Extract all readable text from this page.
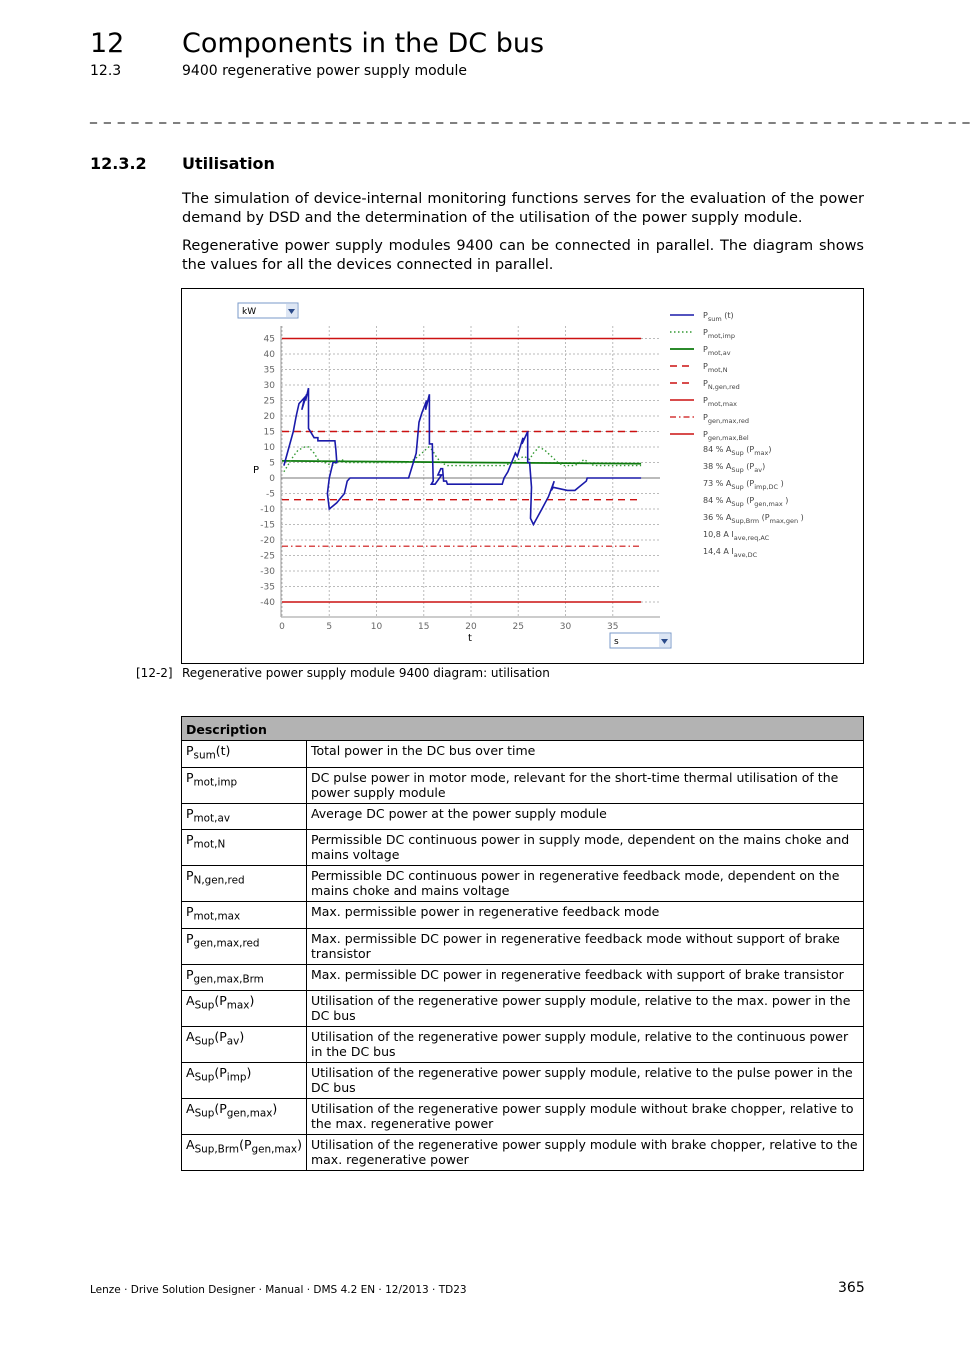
12 Components in the DC bus
12.3	9400 regenerative power supply module
_ _ _ _ _ _ _ _ _ _ _ _ _ _ _ _ _ _ _ _ _ _ _ _ _ _ _ _ _ _ _ _ _ _ _ _ _ _ _ _ _ _ _ _ _ _ _ _ _ _ _ _ _ _ _ _ _ _ _ _ _ _ _ _
12.3.2 Utilisation
The simulation of device-internal monitoring functions serves for the evaluation of the power demand by DSD and the determination of the utilisation of the power supply module.
Regenerative power supply modules 9400 can be connected in parallel. The diagram shows the values for all the devices connected in parallel.
kW
45
40
35
30
25
20
15
10
5
0
-5
-10
-15
-20
-25
-30
-35
-40
0	5	10	15	20	25	30	35
P
t	s
$P_{sum}$ (t)
$P_{mot,imp}$
$P_{mot,av}$
$P_{mot,N}$
$P_{N,gen,red}$
$P_{mot,max}$
$P_{gen,max,red}$
$P_{gen,max,Bel}$
84 % $A_{Sup}$ $(P_{max})$
38 % $A_{Sup}$ $(P_{av})$
73 % $A_{Sup}$ ($P_{imp,DC}$ )
84 % $A_{Sup}$ ($P_{gen,max}$ )
36 % $A_{Sup,Brm}$ ($P_{max,gen}$ )
10,8 A $I_{ave,req,AC}$
14,4 A $I_{ave,DC}$
[12-2] Regenerative power supply module 9400 diagram: utilisation
Description	
$P_{sum}(t)$	Total power in the DC bus over time
$P_{mot,imp}$	DC pulse power in motor mode, relevant for the short-time thermal utilisation of the power supply module
$P_{mot,av}$	Average DC power at the power supply module
$P_{mot,N}$	Permissible DC continuous power in supply mode, dependent on the mains choke and mains voltage
$P_{N,gen,red}$	Permissible DC continuous power in regenerative feedback mode, dependent on the mains choke and mains voltage
$P_{mot,max}$	Max. permissible power in regenerative feedback mode
$P_{gen,max,red}$	Max. permissible DC power in regenerative feedback mode without support of brake transistor
$P_{gen,max,Brm}$	Max. permissible DC power in regenerative feedback with support of brake transistor
$A_{Sup}(P_{max})$	Utilisation of the regenerative power supply module, relative to the max. power in the DC bus
$A_{Sup}(P_{av})$	Utilisation of the regenerative power supply module, relative to the continuous power in the DC bus
$A_{Sup}(P_{imp})$	Utilisation of the regenerative power supply module, relative to the pulse power in the DC bus
$A_{Sup}(P_{gen,max})$	Utilisation of the regenerative power supply module without brake chopper, relative to the max. regenerative power
$A_{Sup,Brm}(P_{gen,max})$	Utilisation of the regenerative power supply module with brake chopper, relative to the max. regenerative power
Lenze · Drive Solution Designer · Manual · DMS 4.2 EN · 12/2013 · TD23	365
